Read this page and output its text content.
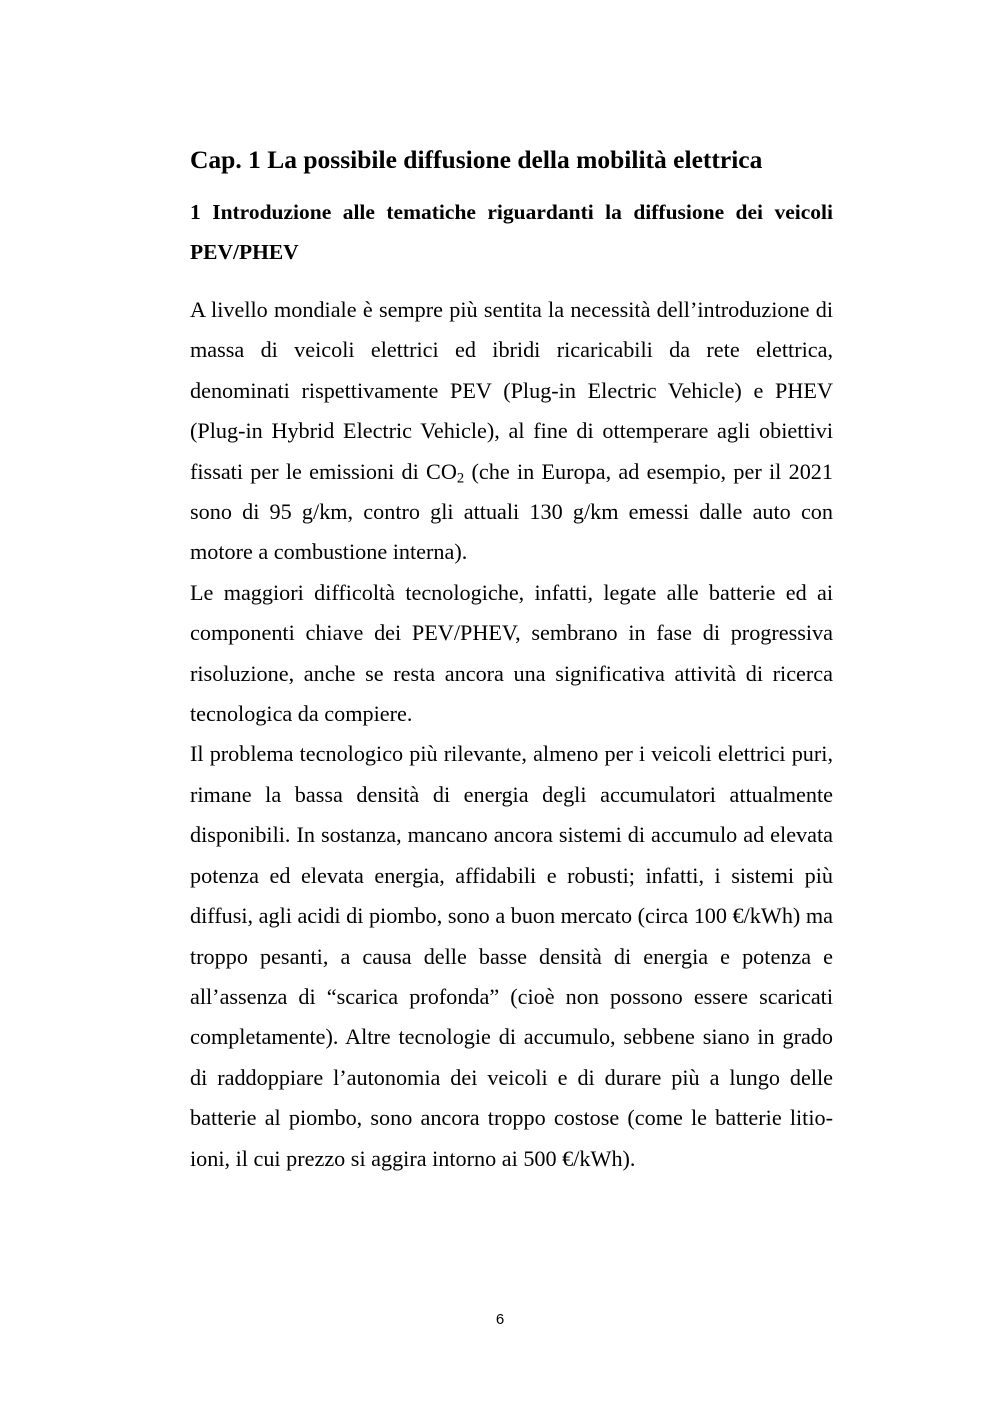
Cap. 1 La possibile diffusione della mobilità elettrica
1 Introduzione alle tematiche riguardanti la diffusione dei veicoli PEV/PHEV

A livello mondiale è sempre più sentita la necessità dell’introduzione di massa di veicoli elettrici ed ibridi ricaricabili da rete elettrica, denominati rispettivamente PEV (Plug-in Electric Vehicle) e PHEV (Plug-in Hybrid Electric Vehicle), al fine di ottemperare agli obiettivi fissati per le emissioni di $CO_2$ (che in Europa, ad esempio, per il 2021 sono di 95 g/km, contro gli attuali 130 g/km emessi dalle auto con motore a combustione interna).

Le maggiori difficoltà tecnologiche, infatti, legate alle batterie ed ai componenti chiave dei PEV/PHEV, sembrano in fase di progressiva risoluzione, anche se resta ancora una significativa attività di ricerca tecnologica da compiere.

Il problema tecnologico più rilevante, almeno per i veicoli elettrici puri, rimane la bassa densità di energia degli accumulatori attualmente disponibili. In sostanza, mancano ancora sistemi di accumulo ad elevata potenza ed elevata energia, affidabili e robusti; infatti, i sistemi più diffusi, agli acidi di piombo, sono a buon mercato (circa 100 €/kWh) ma troppo pesanti, a causa delle basse densità di energia e potenza e all’assenza di “scarica profonda” (cioè non possono essere scaricati completamente). Altre tecnologie di accumulo, sebbene siano in grado di raddoppiare l’autonomia dei veicoli e di durare più a lungo delle batterie al piombo, sono ancora troppo costose (come le batterie litio-ioni, il cui prezzo si aggira intorno ai 500 €/kWh).

6
